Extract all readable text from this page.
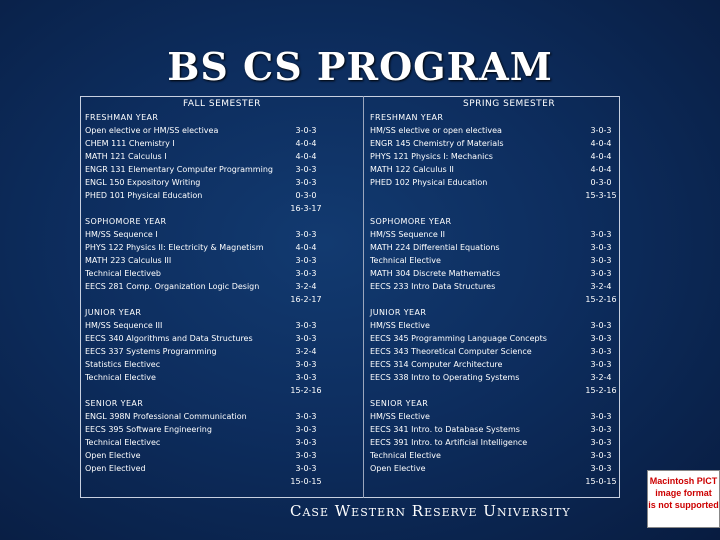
BS CS PROGRAM
FALL SEMESTER	SPRING SEMESTER
FRESHMAN YEAR
Open elective or HM/SS electivea	3-0-3
CHEM 111 Chemistry I	4-0-4
MATH 121 Calculus I	4-0-4
ENGR 131 Elementary Computer Programming	3-0-3
ENGL 150 Expository Writing	3-0-3
PHED 101 Physical Education	0-3-0
16-3-17
SOPHOMORE YEAR
HM/SS Sequence I	3-0-3
PHYS 122 Physics II: Electricity & Magnetism	4-0-4
MATH 223 Calculus III	3-0-3
Technical Electiveb	3-0-3
EECS 281 Comp. Organization Logic Design	3-2-4
16-2-17
JUNIOR YEAR
HM/SS Sequence III	3-0-3
EECS 340 Algorithms and Data Structures	3-0-3
EECS 337 Systems Programming	3-2-4
Statistics Electivec	3-0-3
Technical Elective	3-0-3
15-2-16
SENIOR YEAR
ENGL 398N Professional Communication	3-0-3
EECS 395 Software Engineering	3-0-3
Technical Electivec	3-0-3
Open Elective	3-0-3
Open Electived	3-0-3
15-0-15
FRESHMAN YEAR
HM/SS elective or open electivea	3-0-3
ENGR 145 Chemistry of Materials	4-0-4
PHYS 121 Physics I: Mechanics	4-0-4
MATH 122 Calculus II	4-0-4
PHED 102 Physical Education	0-3-0
15-3-15
SOPHOMORE YEAR
HM/SS Sequence II	3-0-3
MATH 224 Differential Equations	3-0-3
Technical Elective	3-0-3
MATH 304 Discrete Mathematics	3-0-3
EECS 233 Intro Data Structures	3-2-4
15-2-16
JUNIOR YEAR
HM/SS Elective	3-0-3
EECS 345 Programming Language Concepts	3-0-3
EECS 343 Theoretical Computer Science	3-0-3
EECS 314 Computer Architecture	3-0-3
EECS 338 Intro to Operating Systems	3-2-4
15-2-16
SENIOR YEAR
HM/SS Elective	3-0-3
EECS 341 Intro. to Database Systems	3-0-3
EECS 391 Intro. to Artificial Intelligence	3-0-3
Technical Elective	3-0-3
Open Elective	3-0-3
15-0-15
Case Western Reserve University
Macintosh PICT
image format
is not supported
